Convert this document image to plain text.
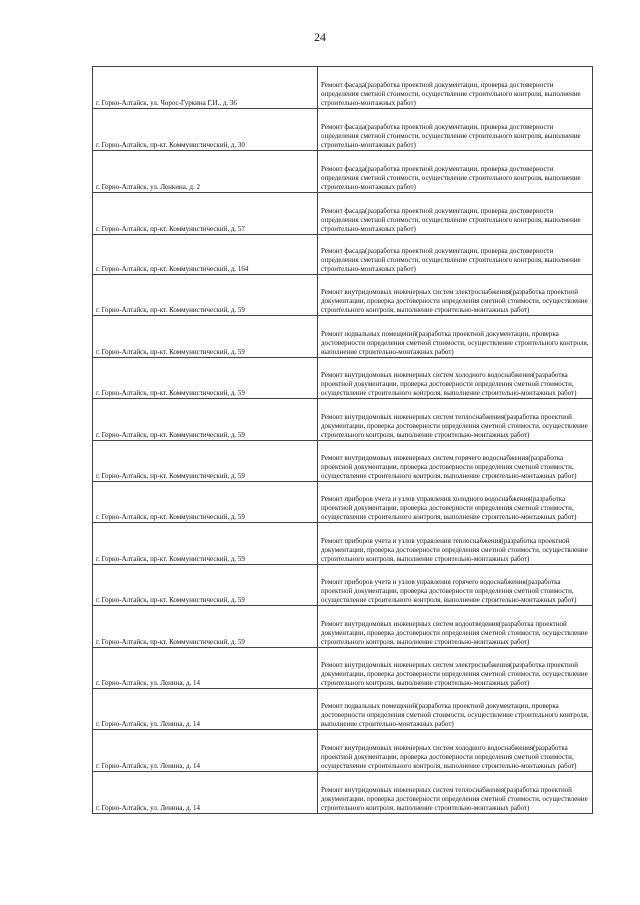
24
г. Горно-Алтайск, ул. Чорос-Гуркина Г.И., д. 36	Ремонт фасада(разработка проектной документации, проверка достоверности определения сметной стоимости, осуществление строительного контроля, выполнение строительно-монтажных работ)
г. Горно-Алтайск, пр-кт. Коммунистический, д. 30	Ремонт фасада(разработка проектной документации, проверка достоверности определения сметной стоимости, осуществление строительного контроля, выполнение строительно-монтажных работ)
г. Горно-Алтайск, ул. Ленкина, д. 2	Ремонт фасада(разработка проектной документации, проверка достоверности определения сметной стоимости, осуществление строительного контроля, выполнение строительно-монтажных работ)
г. Горно-Алтайск, пр-кт. Коммунистический, д. 57	Ремонт фасада(разработка проектной документации, проверка достоверности определения сметной стоимости, осуществление строительного контроля, выполнение строительно-монтажных работ)
г. Горно-Алтайск, пр-кт. Коммунистический, д. 164	Ремонт фасада(разработка проектной документации, проверка достоверности определения сметной стоимости, осуществление строительного контроля, выполнение строительно-монтажных работ)
г. Горно-Алтайск, пр-кт. Коммунистический, д. 59	Ремонт внутридомовых инженерных систем электроснабжения(разработка проектной документации, проверка достоверности определения сметной стоимости, осуществление строительного контроля, выполнение строительно-монтажных работ)
г. Горно-Алтайск, пр-кт. Коммунистический, д. 59	Ремонт подвальных помещений(разработка проектной документации, проверка достоверности определения сметной стоимости, осуществление строительного контроля, выполнение строительно-монтажных работ)
г. Горно-Алтайск, пр-кт. Коммунистический, д. 59	Ремонт внутридомовых инженерных систем холодного водоснабжения(разработка проектной документации, проверка достоверности определения сметной стоимости, осуществление строительного контроля, выполнение строительно-монтажных работ)
г. Горно-Алтайск, пр-кт. Коммунистический, д. 59	Ремонт внутридомовых инженерных систем теплоснабжения(разработка проектной документации, проверка достоверности определения сметной стоимости, осуществление строительного контроля, выполнение строительно-монтажных работ)
г. Горно-Алтайск, пр-кт. Коммунистический, д. 59	Ремонт внутридомовых инженерных систем горячего водоснабжения(разработка проектной документации, проверка достоверности определения сметной стоимости, осуществление строительного контроля, выполнение строительно-монтажных работ)
г. Горно-Алтайск, пр-кт. Коммунистический, д. 59	Ремонт приборов учета и узлов управления холодного водоснабжения(разработка проектной документации, проверка достоверности определения сметной стоимости, осуществление строительного контроля, выполнение строительно-монтажных работ)
г. Горно-Алтайск, пр-кт. Коммунистический, д. 59	Ремонт приборов учета и узлов управления теплоснабжения(разработка проектной документации, проверка достоверности определения сметной стоимости, осуществление строительного контроля, выполнение строительно-монтажных работ)
г. Горно-Алтайск, пр-кт. Коммунистический, д. 59	Ремонт приборов учета и узлов управления горячего водоснабжения(разработка проектной документации, проверка достоверности определения сметной стоимости, осуществление строительного контроля, выполнение строительно-монтажных работ)
г. Горно-Алтайск, пр-кт. Коммунистический, д. 59	Ремонт внутридомовых инженерных систем водоотведения(разработка проектной документации, проверка достоверности определения сметной стоимости, осуществление строительного контроля, выполнение строительно-монтажных работ)
г. Горно-Алтайск, ул. Ленина, д. 14	Ремонт внутридомовых инженерных систем электроснабжения(разработка проектной документации, проверка достоверности определения сметной стоимости, осуществление строительного контроля, выполнение строительно-монтажных работ)
г. Горно-Алтайск, ул. Ленина, д. 14	Ремонт подвальных помещений(разработка проектной документации, проверка достоверности определения сметной стоимости, осуществление строительного контроля, выполнение строительно-монтажных работ)
г. Горно-Алтайск, ул. Ленина, д. 14	Ремонт внутридомовых инженерных систем холодного водоснабжения(разработка проектной документации, проверка достоверности определения сметной стоимости, осуществление строительного контроля, выполнение строительно-монтажных работ)
г. Горно-Алтайск, ул. Ленина, д. 14	Ремонт внутридомовых инженерных систем теплоснабжения(разработка проектной документации, проверка достоверности определения сметной стоимости, осуществление строительного контроля, выполнение строительно-монтажных работ)
